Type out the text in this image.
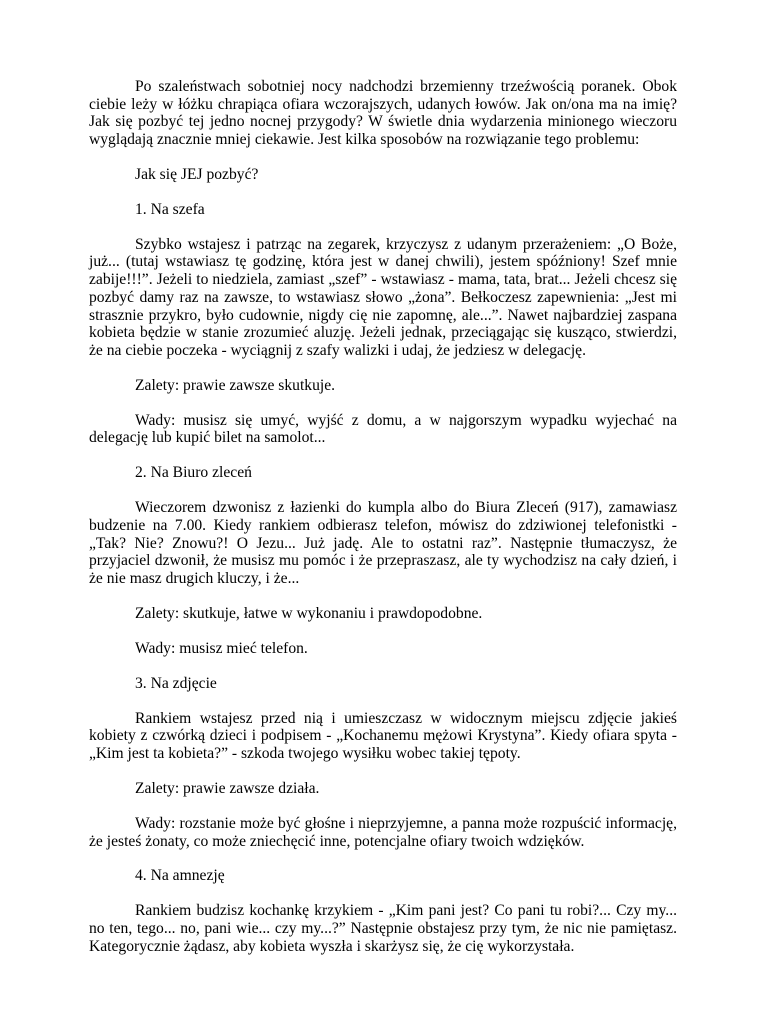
Po szaleństwach sobotniej nocy nadchodzi brzemienny trzeźwością poranek. Obok ciebie leży w łóżku chrapiąca ofiara wczorajszych, udanych łowów. Jak on/ona ma na imię? Jak się pozbyć tej jedno nocnej przygody? W świetle dnia wydarzenia minionego wieczoru wyglądają znacznie mniej ciekawie. Jest kilka sposobów na rozwiązanie tego problemu:

Jak się JEJ pozbyć?

1. Na szefa

Szybko wstajesz i patrząc na zegarek, krzyczysz z udanym przerażeniem: „O Boże, już... (tutaj wstawiasz tę godzinę, która jest w danej chwili), jestem spóźniony! Szef mnie zabije!!!”. Jeżeli to niedziela, zamiast „szef” - wstawiasz - mama, tata, brat... Jeżeli chcesz się pozbyć damy raz na zawsze, to wstawiasz słowo „żona”. Bełkoczesz zapewnienia: „Jest mi strasznie przykro, było cudownie, nigdy cię nie zapomnę, ale...”. Nawet najbardziej zaspana kobieta będzie w stanie zrozumieć aluzję. Jeżeli jednak, przeciągając się kusząco, stwierdzi, że na ciebie poczeka - wyciągnij z szafy walizki i udaj, że jedziesz w delegację.

Zalety: prawie zawsze skutkuje.

Wady: musisz się umyć, wyjść z domu, a w najgorszym wypadku wyjechać na delegację lub kupić bilet na samolot...

2. Na Biuro zleceń

Wieczorem dzwonisz z łazienki do kumpla albo do Biura Zleceń (917), zamawiasz budzenie na 7.00. Kiedy rankiem odbierasz telefon, mówisz do zdziwionej telefonistki - „Tak? Nie? Znowu?! O Jezu... Już jadę. Ale to ostatni raz”. Następnie tłumaczysz, że przyjaciel dzwonił, że musisz mu pomóc i że przepraszasz, ale ty wychodzisz na cały dzień, i że nie masz drugich kluczy, i że...

Zalety: skutkuje, łatwe w wykonaniu i prawdopodobne.

Wady: musisz mieć telefon.

3. Na zdjęcie

Rankiem wstajesz przed nią i umieszczasz w widocznym miejscu zdjęcie jakieś kobiety z czwórką dzieci i podpisem - „Kochanemu mężowi Krystyna”. Kiedy ofiara spyta - „Kim jest ta kobieta?” - szkoda twojego wysiłku wobec takiej tępoty.

Zalety: prawie zawsze działa.

Wady: rozstanie może być głośne i nieprzyjemne, a panna może rozpuścić informację, że jesteś żonaty, co może zniechęcić inne, potencjalne ofiary twoich wdzięków.

4. Na amnezję

Rankiem budzisz kochankę krzykiem - „Kim pani jest? Co pani tu robi?... Czy my... no ten, tego... no, pani wie... czy my...?” Następnie obstajesz przy tym, że nic nie pamiętasz. Kategorycznie żądasz, aby kobieta wyszła i skarżysz się, że cię wykorzystała.
